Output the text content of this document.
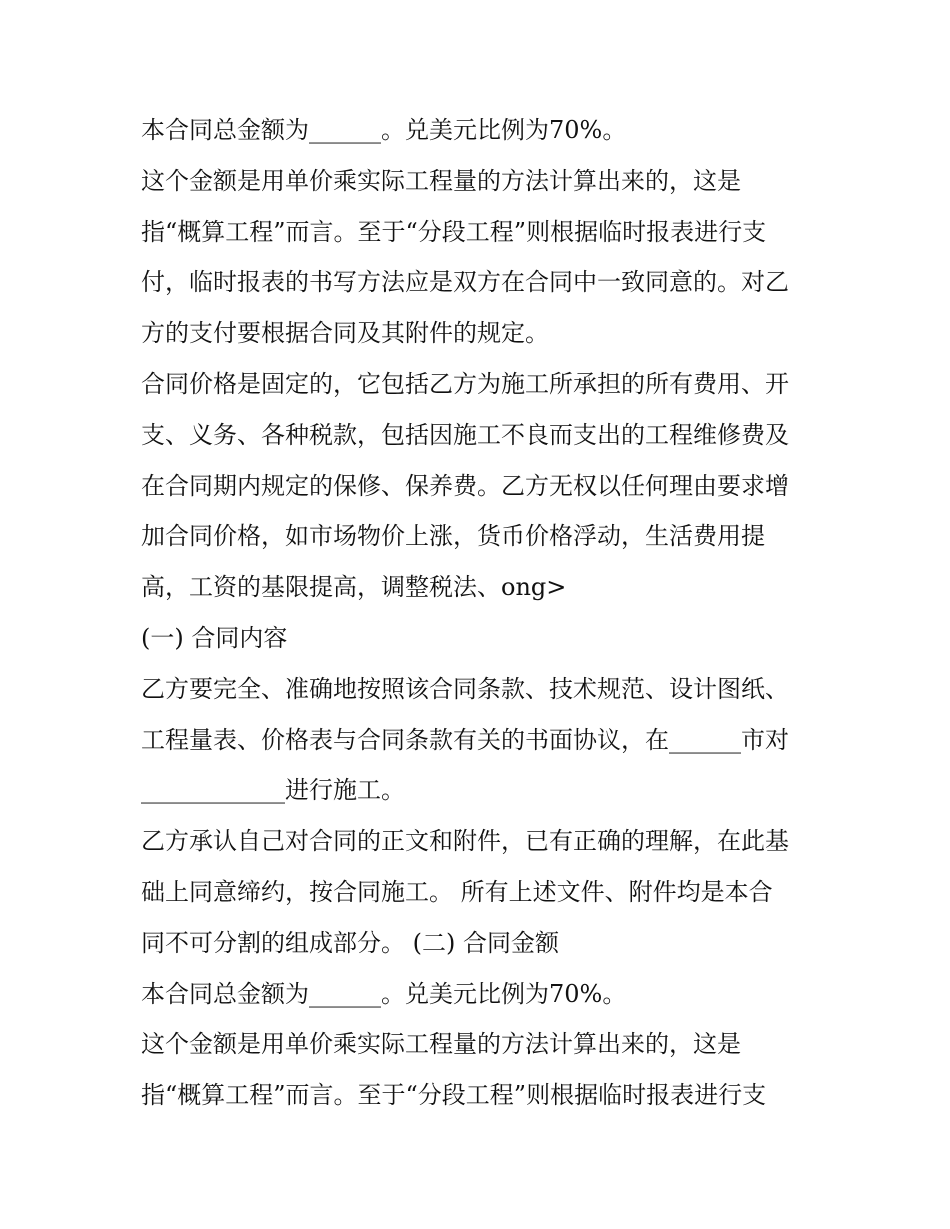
本合同总金额为______。兑美元比例为70%。
这个金额是用单价乘实际工程量的方法计算出来的，这是
指“概算工程”而言。至于“分段工程”则根据临时报表进行支
付，临时报表的书写方法应是双方在合同中一致同意的。对乙
方的支付要根据合同及其附件的规定。
合同价格是固定的，它包括乙方为施工所承担的所有费用、开
支、义务、各种税款，包括因施工不良而支出的工程维修费及
在合同期内规定的保修、保养费。乙方无权以任何理由要求增
加合同价格，如市场物价上涨，货币价格浮动，生活费用提
高，工资的基限提高，调整税法、ong>
(一) 合同内容
乙方要完全、准确地按照该合同条款、技术规范、设计图纸、
工程量表、价格表与合同条款有关的书面协议，在______市对
____________进行施工。
乙方承认自己对合同的正文和附件，已有正确的理解，在此基
础上同意缔约，按合同施工。 所有上述文件、附件均是本合
同不可分割的组成部分。 (二) 合同金额
本合同总金额为______。兑美元比例为70%。
这个金额是用单价乘实际工程量的方法计算出来的，这是
指“概算工程”而言。至于“分段工程”则根据临时报表进行支
